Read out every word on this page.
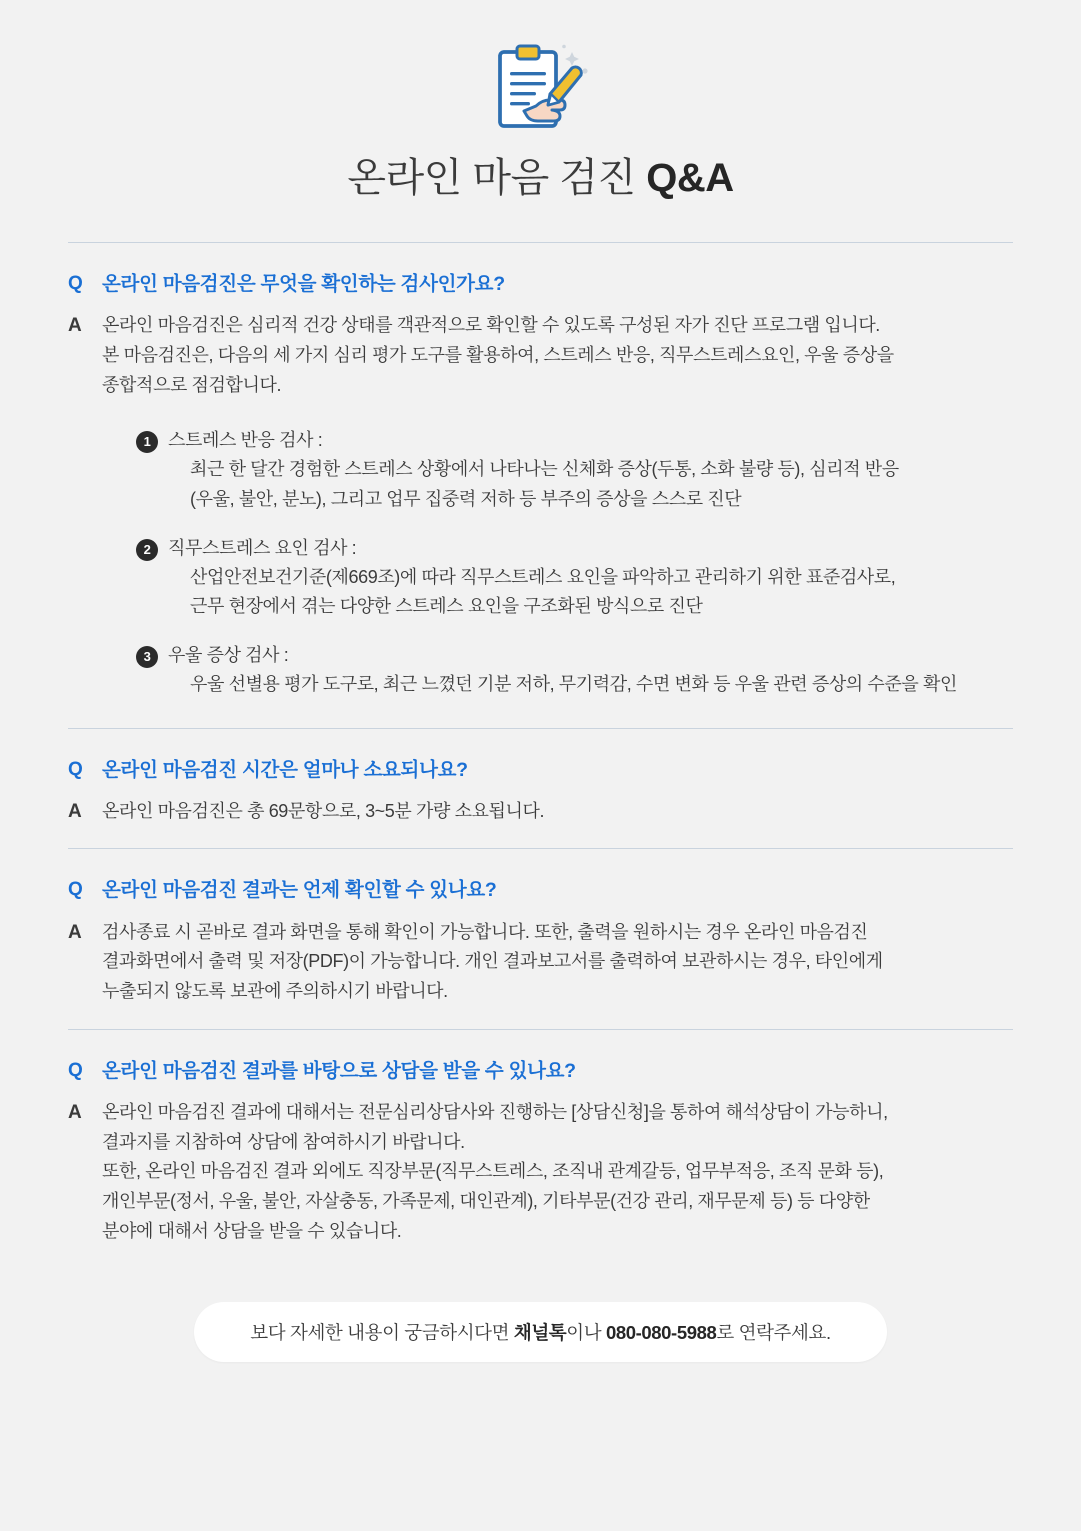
온라인 마음 검진 Q&A
Q 온라인 마음검진은 무엇을 확인하는 검사인가요?
A	온라인 마음검진은 심리적 건강 상태를 객관적으로 확인할 수 있도록 구성된 자가 진단 프로그램 입니다.
본 마음검진은, 다음의 세 가지 심리 평가 도구를 활용하여, 스트레스 반응, 직무스트레스요인, 우울 증상을
종합적으로 점검합니다.
1 스트레스 반응 검사 :
최근 한 달간 경험한 스트레스 상황에서 나타나는 신체화 증상(두통, 소화 불량 등), 심리적 반응
(우울, 불안, 분노), 그리고 업무 집중력 저하 등 부주의 증상을 스스로 진단
2 직무스트레스 요인 검사 :
산업안전보건기준(제669조)에 따라 직무스트레스 요인을 파악하고 관리하기 위한 표준검사로,
근무 현장에서 겪는 다양한 스트레스 요인을 구조화된 방식으로 진단
3 우울 증상 검사 :
우울 선별용 평가 도구로, 최근 느꼈던 기분 저하, 무기력감, 수면 변화 등 우울 관련 증상의 수준을 확인
Q 온라인 마음검진 시간은 얼마나 소요되나요?
A	온라인 마음검진은 총 69문항으로, 3~5분 가량 소요됩니다.
Q 온라인 마음검진 결과는 언제 확인할 수 있나요?
A	검사종료 시 곧바로 결과 화면을 통해 확인이 가능합니다. 또한, 출력을 원하시는 경우 온라인 마음검진
결과화면에서 출력 및 저장(PDF)이 가능합니다. 개인 결과보고서를 출력하여 보관하시는 경우, 타인에게
누출되지 않도록 보관에 주의하시기 바랍니다.
Q 온라인 마음검진 결과를 바탕으로 상담을 받을 수 있나요?
A	온라인 마음검진 결과에 대해서는 전문심리상담사와 진행하는 [상담신청]을 통하여 해석상담이 가능하니,
결과지를 지참하여 상담에 참여하시기 바랍니다.
또한, 온라인 마음검진 결과 외에도 직장부문(직무스트레스, 조직내 관계갈등, 업무부적응, 조직 문화 등),
개인부문(정서, 우울, 불안, 자살충동, 가족문제, 대인관계), 기타부문(건강 관리, 재무문제 등) 등 다양한
분야에 대해서 상담을 받을 수 있습니다.
보다 자세한 내용이 궁금하시다면 채널톡이나 080-080-5988로 연락주세요.
